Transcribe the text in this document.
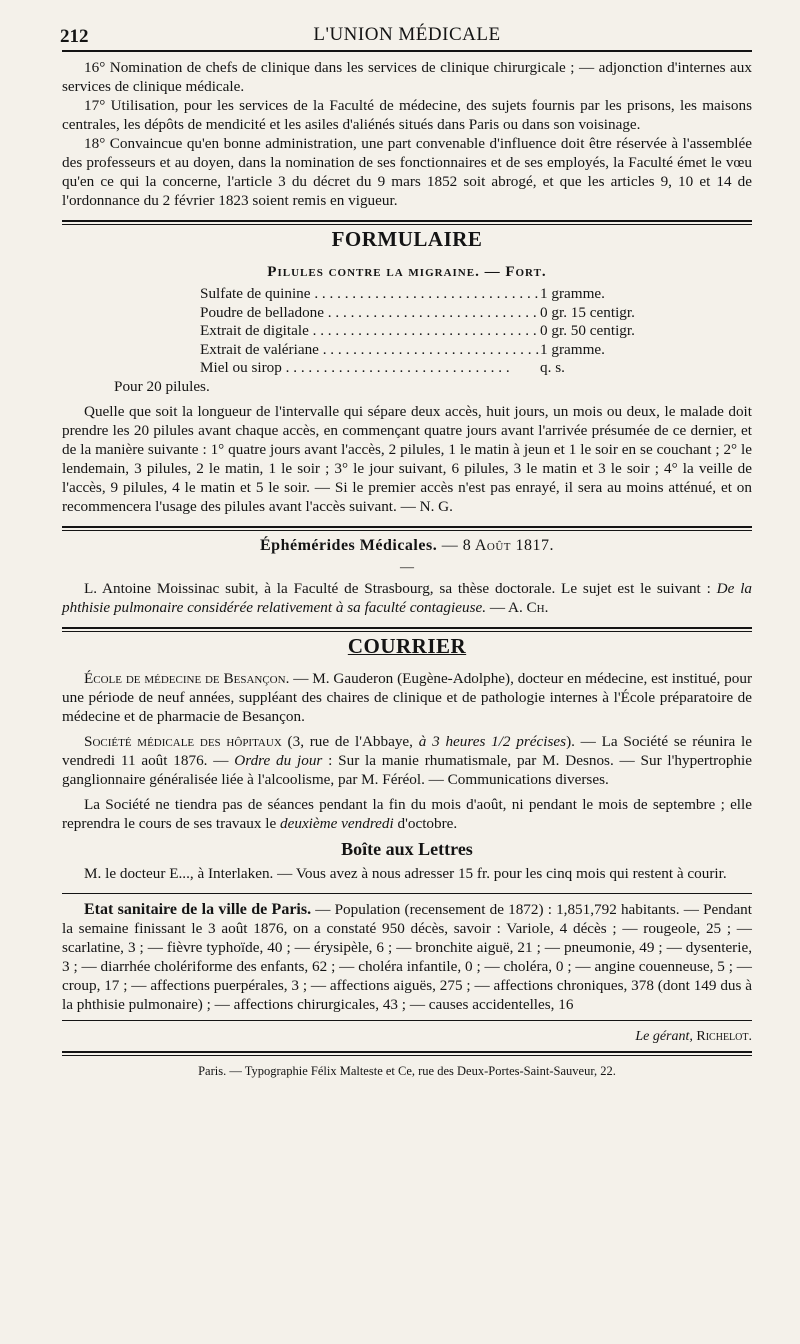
212	L'UNION MÉDICALE

16° Nomination de chefs de clinique dans les services de clinique chirurgicale ; — adjonction d'internes aux services de clinique médicale.

17° Utilisation, pour les services de la Faculté de médecine, des sujets fournis par les prisons, les maisons centrales, les dépôts de mendicité et les asiles d'aliénés situés dans Paris ou dans son voisinage.

18° Convaincue qu'en bonne administration, une part convenable d'influence doit être réservée à l'assemblée des professeurs et au doyen, dans la nomination de ses fonctionnaires et de ses employés, la Faculté émet le vœu qu'en ce qui la concerne, l'article 3 du décret du 9 mars 1852 soit abrogé, et que les articles 9, 10 et 14 de l'ordonnance du 2 février 1823 soient remis en vigueur.

FORMULAIRE
Pilules contre la migraine. — Fort.
Sulfate de quinine . . .	1 gramme.
Poudre de belladone . . .	0 gr. 15 centigr.
Extrait de digitale . . .	0 gr. 50 centigr.
Extrait de valériane . . .	1 gramme.
Miel ou sirop . . .	q. s.
Pour 20 pilules.

Quelle que soit la longueur de l'intervalle qui sépare deux accès, huit jours, un mois ou deux, le malade doit prendre les 20 pilules avant chaque accès, en commençant quatre jours avant l'arrivée présumée de ce dernier, et de la manière suivante : 1° quatre jours avant l'accès, 2 pilules, 1 le matin à jeun et 1 le soir en se couchant ; 2° le lendemain, 3 pilules, 2 le matin, 1 le soir ; 3° le jour suivant, 6 pilules, 3 le matin et 3 le soir ; 4° la veille de l'accès, 9 pilules, 4 le matin et 5 le soir. — Si le premier accès n'est pas enrayé, il sera au moins atténué, et on recommencera l'usage des pilules avant l'accès suivant. — N. G.

Éphémérides Médicales. — 8 Août 1817.
—

L. Antoine Moissinac subit, à la Faculté de Strasbourg, sa thèse doctorale. Le sujet est le suivant : De la phthisie pulmonaire considérée relativement à sa faculté contagieuse. — A. Ch.

COURRIER

École de médecine de Besançon. — M. Gauderon (Eugène-Adolphe), docteur en médecine, est institué, pour une période de neuf années, suppléant des chaires de clinique et de pathologie internes à l'École préparatoire de médecine et de pharmacie de Besançon.

Société médicale des hôpitaux (3, rue de l'Abbaye, à 3 heures 1/2 précises). — La Société se réunira le vendredi 11 août 1876. — Ordre du jour : Sur la manie rhumatismale, par M. Desnos. — Sur l'hypertrophie ganglionnaire généralisée liée à l'alcoolisme, par M. Féréol. — Communications diverses.

La Société ne tiendra pas de séances pendant la fin du mois d'août, ni pendant le mois de septembre ; elle reprendra le cours de ses travaux le deuxième vendredi d'octobre.

Boîte aux Lettres

M. le docteur E..., à Interlaken. — Vous avez à nous adresser 15 fr. pour les cinq mois qui restent à courir.

Etat sanitaire de la ville de Paris. — Population (recensement de 1872) : 1,851,792 habitants. — Pendant la semaine finissant le 3 août 1876, on a constaté 950 décès, savoir : Variole, 4 décès ; — rougeole, 25 ; — scarlatine, 3 ; — fièvre typhoïde, 40 ; — érysipèle, 6 ; — bronchite aiguë, 21 ; — pneumonie, 49 ; — dysenterie, 3 ; — diarrhée cholériforme des enfants, 62 ; — choléra infantile, 0 ; — choléra, 0 ; — angine couenneuse, 5 ; — croup, 17 ; — affections puerpérales, 3 ; — affections aiguës, 275 ; — affections chroniques, 378 (dont 149 dus à la phthisie pulmonaire) ; — affections chirurgicales, 43 ; — causes accidentelles, 16

Le gérant, Richelot.
Paris. — Typographie Félix Malteste et Ce, rue des Deux-Portes-Saint-Sauveur, 22.
